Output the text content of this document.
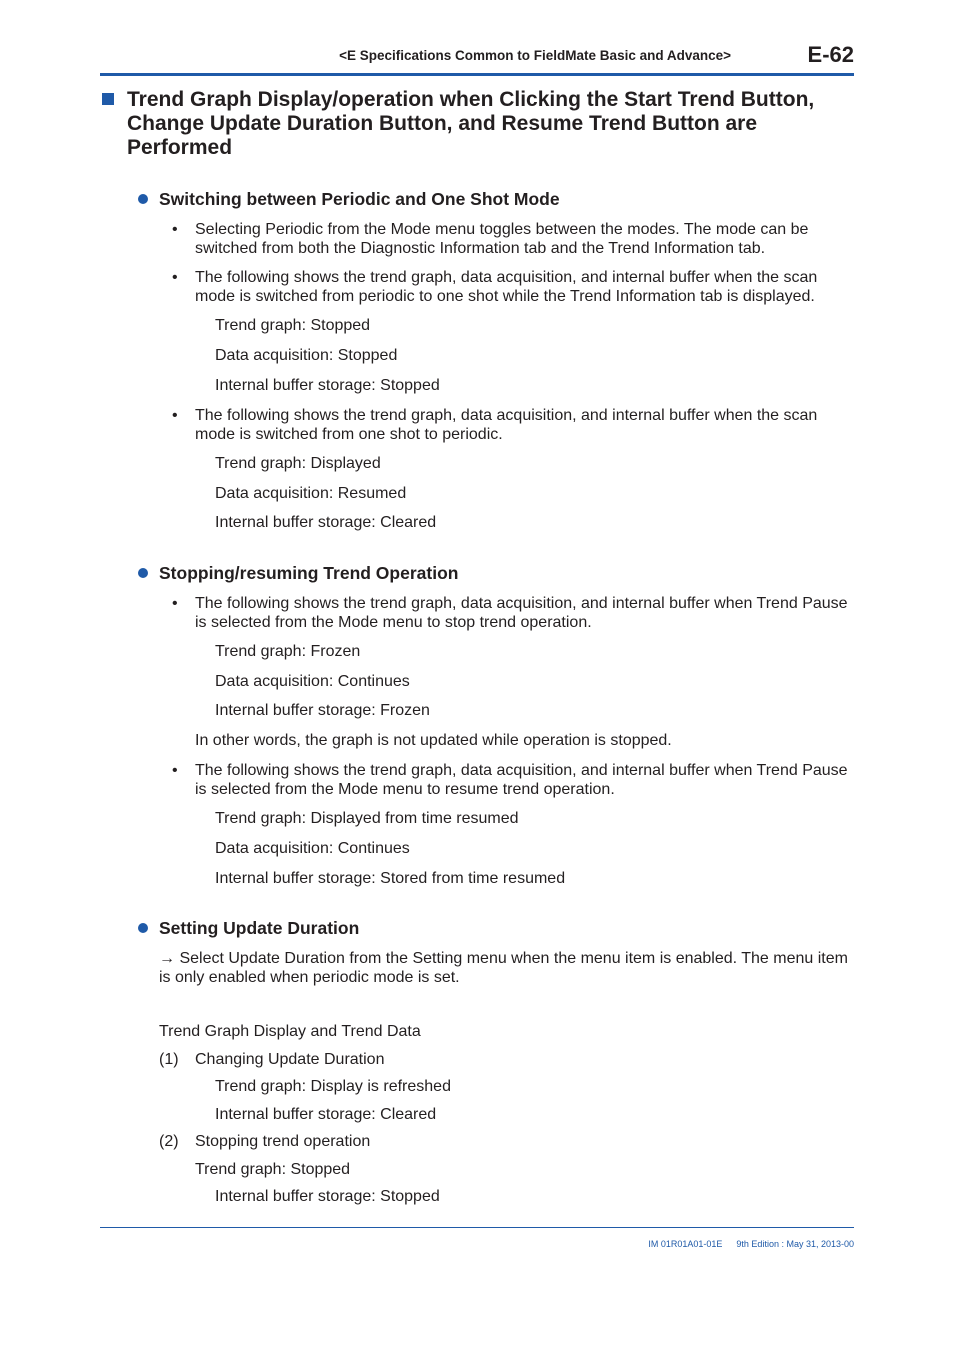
<E Specifications Common to FieldMate Basic and Advance>	E-62
Trend Graph Display/operation when Clicking the Start Trend Button, Change Update Duration Button, and Resume Trend Button are Performed
Switching between Periodic and One Shot Mode
• Selecting Periodic from the Mode menu toggles between the modes. The mode can be switched from both the Diagnostic Information tab and the Trend Information tab.

• The following shows the trend graph, data acquisition, and internal buffer when the scan mode is switched from periodic to one shot while the Trend Information tab is displayed.

Trend graph: Stopped

Data acquisition: Stopped

Internal buffer storage: Stopped

• The following shows the trend graph, data acquisition, and internal buffer when the scan mode is switched from one shot to periodic.

Trend graph: Displayed

Data acquisition: Resumed

Internal buffer storage: Cleared

Stopping/resuming Trend Operation
• The following shows the trend graph, data acquisition, and internal buffer when Trend Pause is selected from the Mode menu to stop trend operation.

Trend graph: Frozen

Data acquisition: Continues

Internal buffer storage: Frozen

In other words, the graph is not updated while operation is stopped.

• The following shows the trend graph, data acquisition, and internal buffer when Trend Pause is selected from the Mode menu to resume trend operation.

Trend graph: Displayed from time resumed

Data acquisition: Continues

Internal buffer storage: Stored from time resumed

Setting Update Duration

→ Select Update Duration from the Setting menu when the menu item is enabled. The menu item is only enabled when periodic mode is set.

Trend Graph Display and Trend Data

(1) Changing Update Duration

Trend graph: Display is refreshed

Internal buffer storage: Cleared

(2) Stopping trend operation

Trend graph: Stopped

Internal buffer storage: Stopped

IM 01R01A01-01E 9th Edition : May 31, 2013-00
